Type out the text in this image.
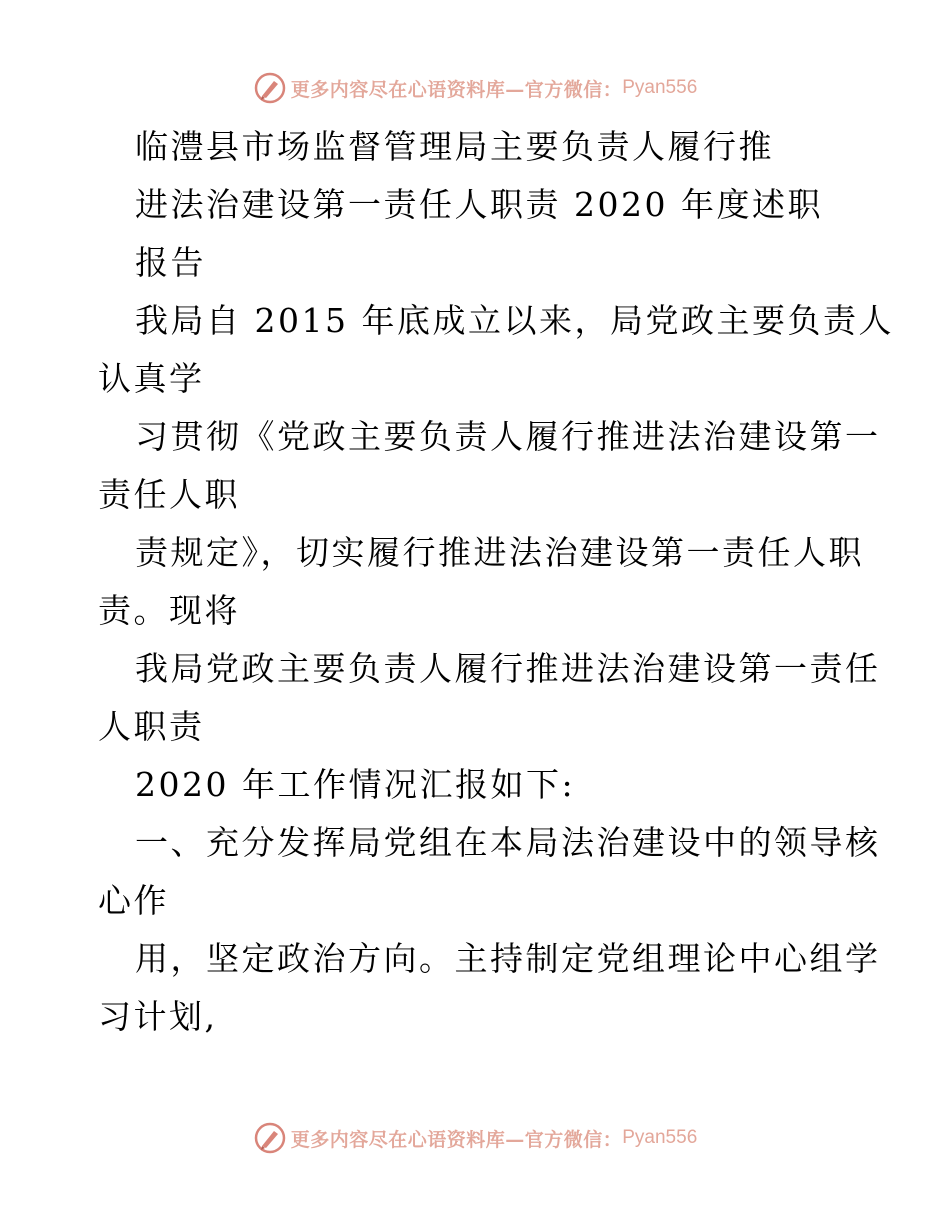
更多内容尽在心语资料库—官方微信： Pyan556
临澧县市场监督管理局主要负责人履行推
进法治建设第一责任人职责 2020 年度述职
报告
我局自 2015 年底成立以来，局党政主要负责人
认真学
习贯彻《党政主要负责人履行推进法治建设第一
责任人职
责规定》，切实履行推进法治建设第一责任人职
责。现将
我局党政主要负责人履行推进法治建设第一责任
人职责
2020 年工作情况汇报如下:
一、充分发挥局党组在本局法治建设中的领导核
心作
用，坚定政治方向。主持制定党组理论中心组学
习计划,
更多内容尽在心语资料库—官方微信： Pyan556
